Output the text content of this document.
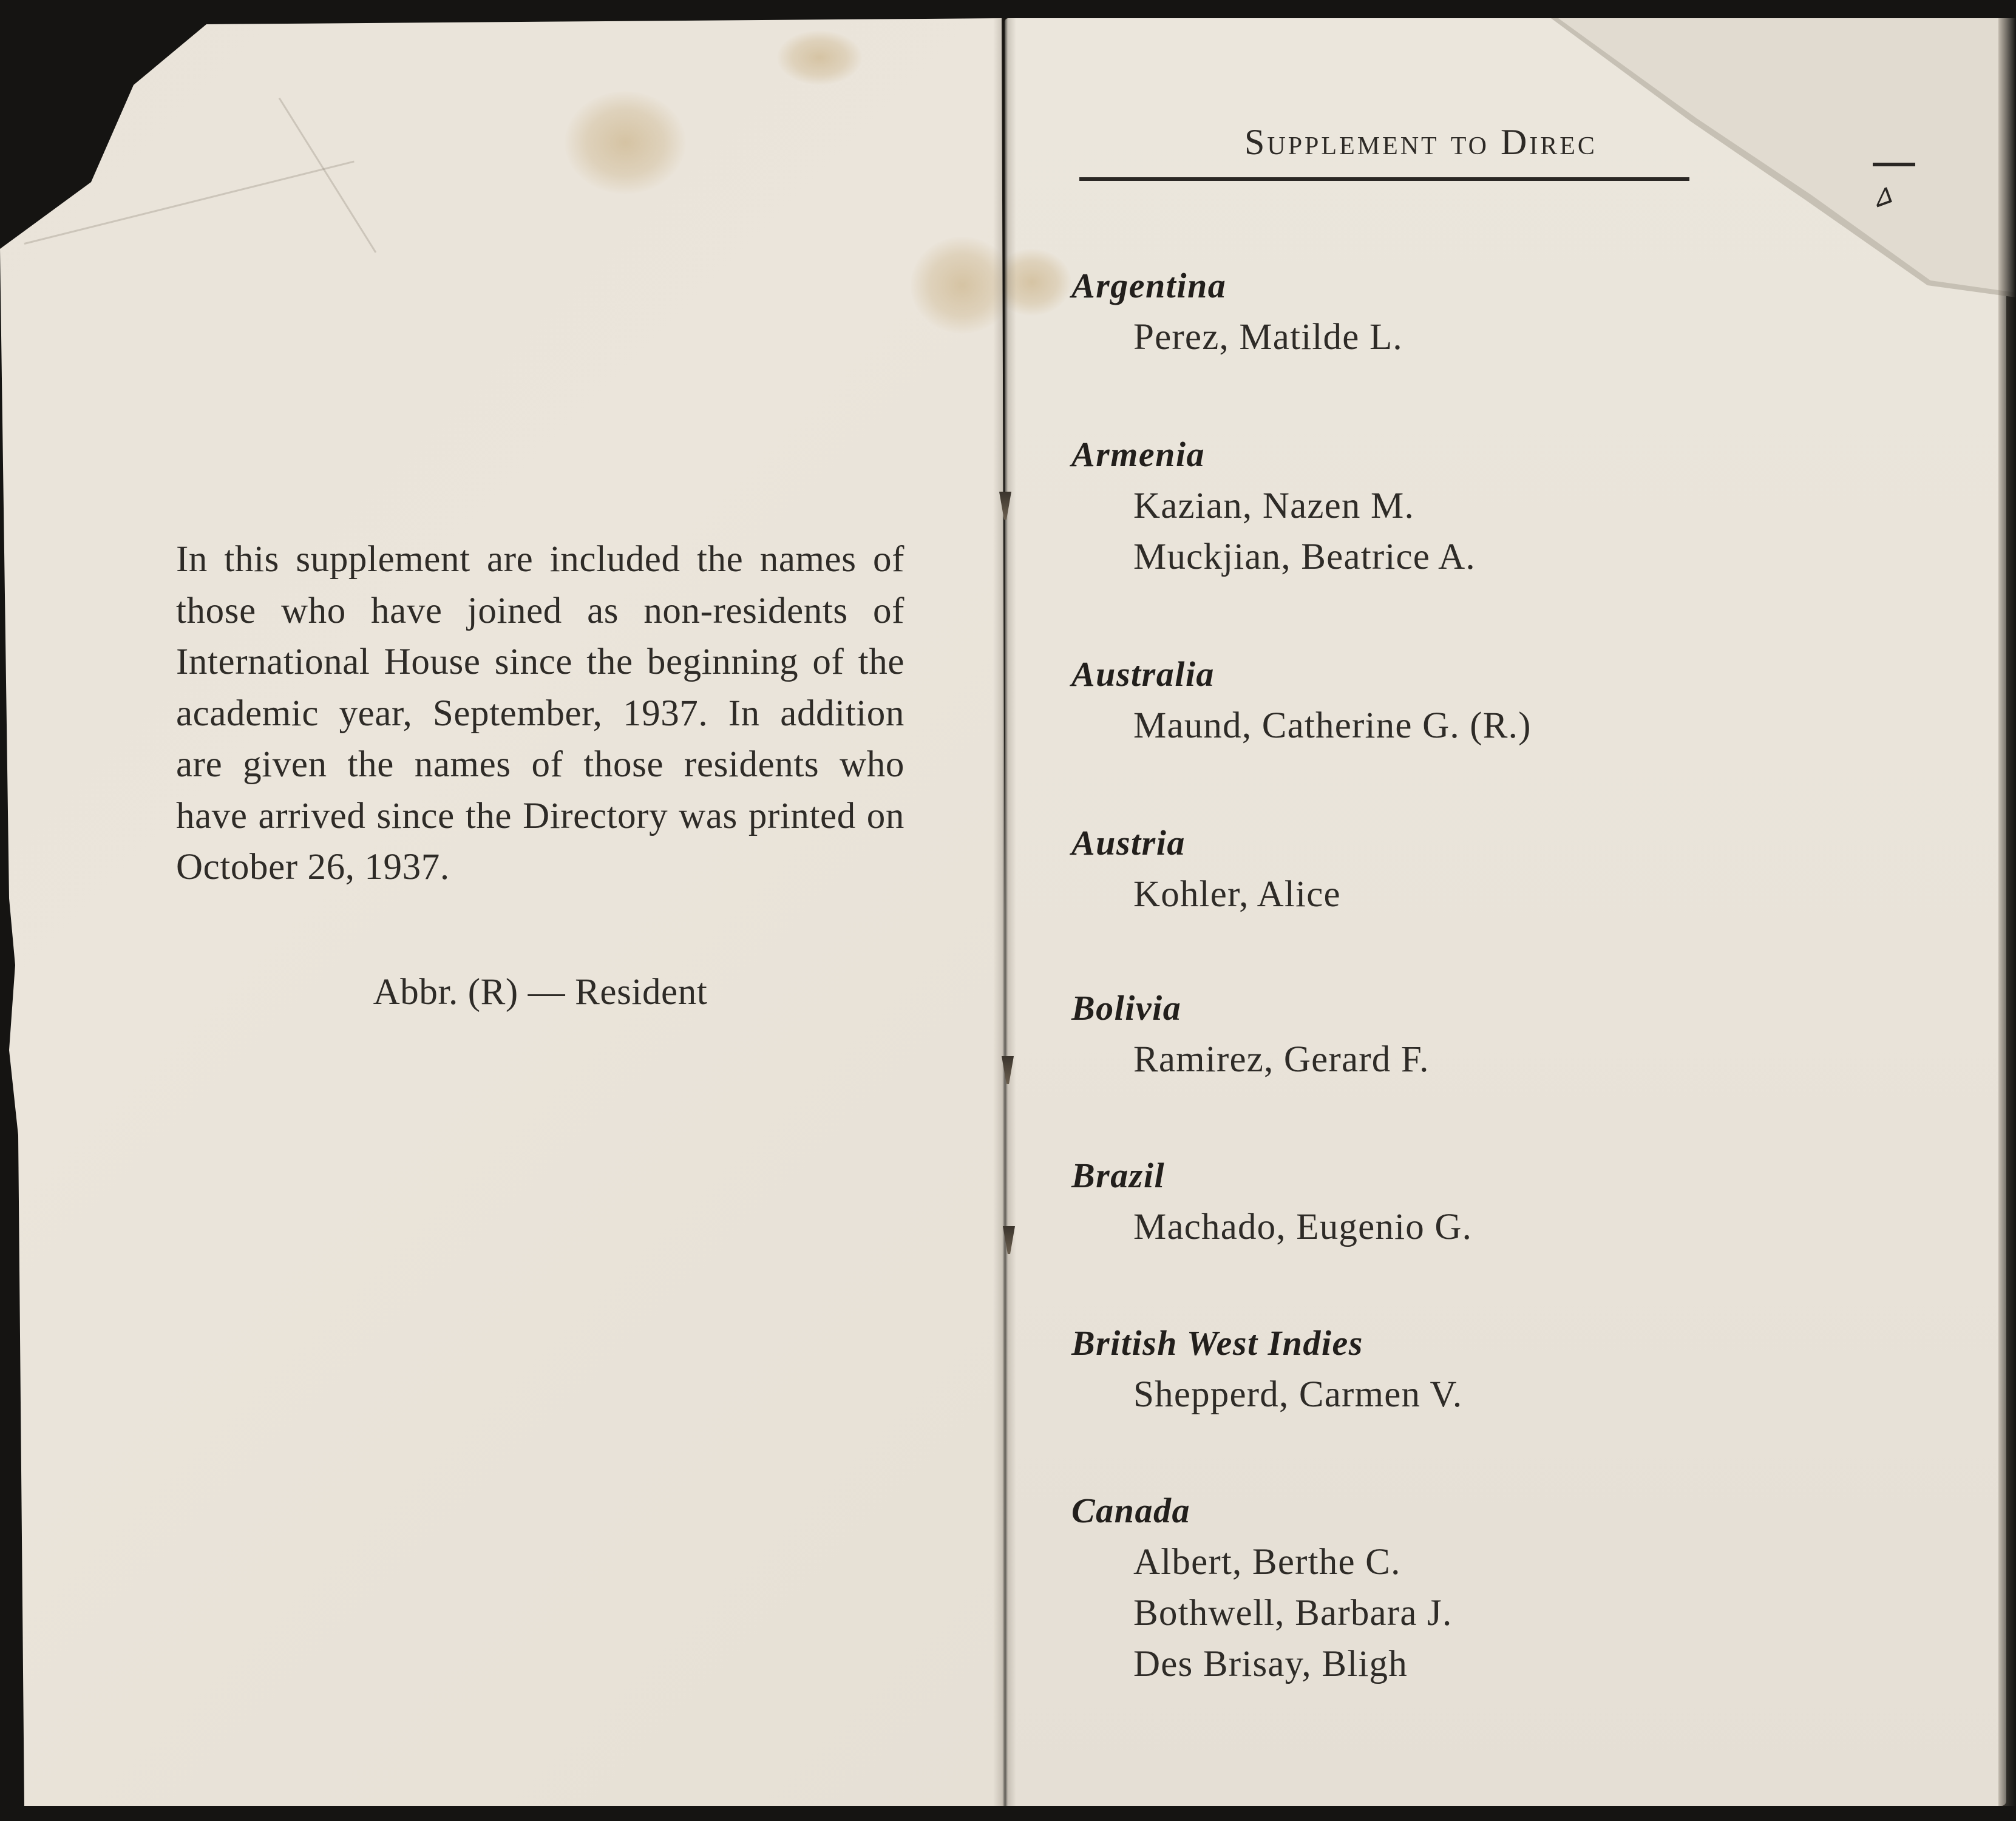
In this supplement are included the names of those who have joined as non-residents of International House since the beginning of the academic year, September, 1937. In addition are given the names of those residents who have arrived since the Directory was printed on October 26, 1937.
Abbr. (R) — Resident
Supplement to Direc
⊿

Argentina

Perez, Matilde L.

Armenia

Kazian, Nazen M.

Muckjian, Beatrice A.

Australia

Maund, Catherine G. (R.)

Austria

Kohler, Alice

Bolivia

Ramirez, Gerard F.

Brazil

Machado, Eugenio G.

British West Indies

Shepperd, Carmen V.

Canada

Albert, Berthe C.

Bothwell, Barbara J.

Des Brisay, Bligh
